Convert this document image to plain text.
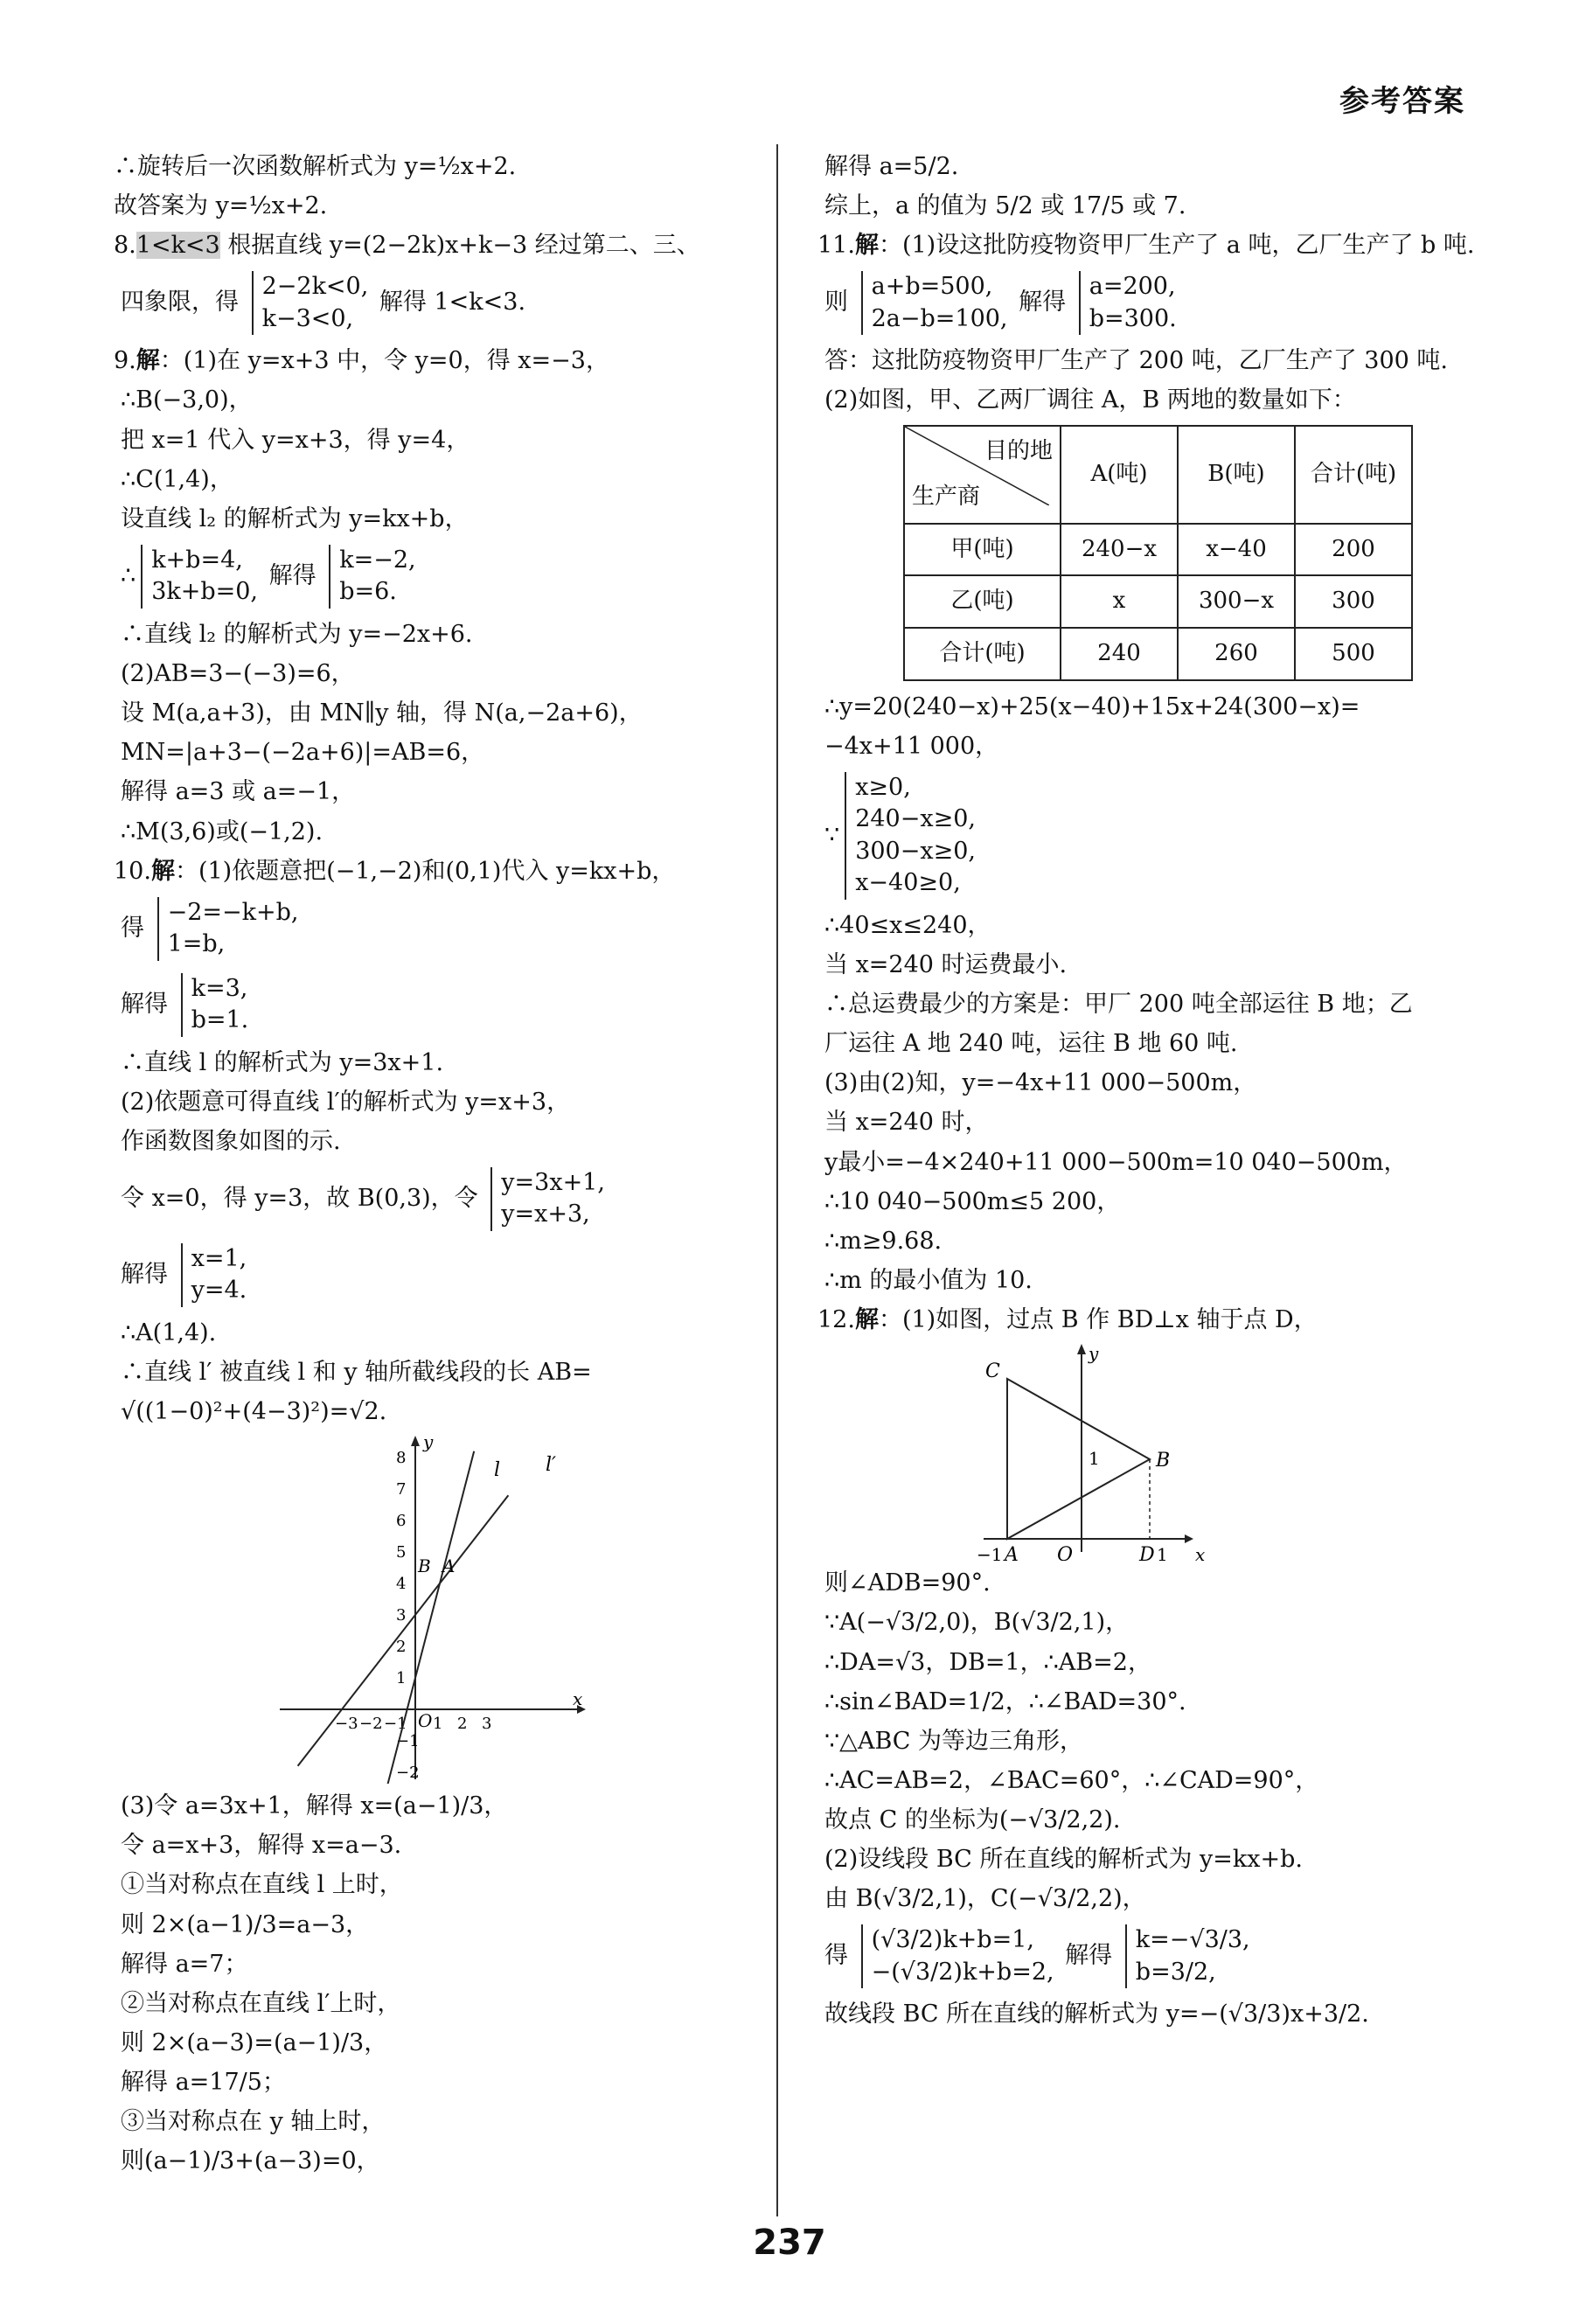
参考答案
∴旋转后一次函数解析式为 y=½x+2.
故答案为 y=½x+2.
8.1<k<3 根据直线 y=(2−2k)x+k−3 经过第二、三、
四象限，得
2−2k<0,
k−3<0,
解得 1<k<3.
9.解：(1)在 y=x+3 中，令 y=0，得 x=−3，
∴B(−3,0)，
把 x=1 代入 y=x+3，得 y=4，
∴C(1,4)，
设直线 l₂ 的解析式为 y=kx+b，
∴
k+b=4,
3k+b=0,
解得
k=−2,
b=6.
∴直线 l₂ 的解析式为 y=−2x+6.
(2)AB=3−(−3)=6，
设 M(a,a+3)，由 MN∥y 轴，得 N(a,−2a+6)，
MN=|a+3−(−2a+6)|=AB=6，
解得 a=3 或 a=−1，
∴M(3,6)或(−1,2).
10.解：(1)依题意把(−1,−2)和(0,1)代入 y=kx+b，
得
−2=−k+b,
1=b,
解得
k=3,
b=1.
∴直线 l 的解析式为 y=3x+1.
(2)依题意可得直线 l′的解析式为 y=x+3，
作函数图象如图的示.
令 x=0，得 y=3，故 B(0,3)，令
y=3x+1,
y=x+3,
解得
x=1,
y=4.
∴A(1,4).
∴直线 l′ 被直线 l 和 y 轴所截线段的长 AB=
√((1−0)²+(4−3)²)=√2.
−3 −2 −1 1 2 3
8
7
6
5
4
3
2
1
−1
−2
x
y
O
l l′
A
B
(3)令 a=3x+1，解得 x=(a−1)/3，
令 a=x+3，解得 x=a−3.
①当对称点在直线 l 上时，
则 2×(a−1)/3=a−3，
解得 a=7；
②当对称点在直线 l′上时，
则 2×(a−3)=(a−1)/3，
解得 a=17/5；
③当对称点在 y 轴上时，
则(a−1)/3+(a−3)=0，
解得 a=5/2.
综上，a 的值为 5/2 或 17/5 或 7.
11.解：(1)设这批防疫物资甲厂生产了 a 吨，乙厂生产了 b 吨.
则
a+b=500,
2a−b=100,
解得
a=200,
b=300.
答：这批防疫物资甲厂生产了 200 吨，乙厂生产了 300 吨.
(2)如图，甲、乙两厂调往 A，B 两地的数量如下：
目的地
生产商	A(吨)	B(吨)	合计(吨)
甲(吨)	240−x	x−40	200
乙(吨)	x	300−x	300
合计(吨)	240	260	500
∴y=20(240−x)+25(x−40)+15x+24(300−x)=
−4x+11 000，
∵
x≥0,
240−x≥0,
300−x≥0,
x−40≥0,
∴40≤x≤240，
当 x=240 时运费最小.
∴总运费最少的方案是：甲厂 200 吨全部运往 B 地；乙
厂运往 A 地 240 吨，运往 B 地 60 吨.
(3)由(2)知，y=−4x+11 000−500m，
当 x=240 时，
y最小=−4×240+11 000−500m=10 040−500m，
∴10 040−500m≤5 200，
∴m≥9.68.
∴m 的最小值为 10.
12.解：(1)如图，过点 B 作 BD⊥x 轴于点 D，
C
B
−1 A O	D 1
1
x
y
则∠ADB=90°.
∵A(−√3/2,0)，B(√3/2,1)，
∴DA=√3，DB=1，∴AB=2，
∴sin∠BAD=1/2，∴∠BAD=30°.
∵△ABC 为等边三角形，
∴AC=AB=2，∠BAC=60°，∴∠CAD=90°，
故点 C 的坐标为(−√3/2,2).
(2)设线段 BC 所在直线的解析式为 y=kx+b.
由 B(√3/2,1)，C(−√3/2,2)，
得
(√3/2)k+b=1,
−(√3/2)k+b=2,
解得
k=−√3/3,
b=3/2,
故线段 BC 所在直线的解析式为 y=−(√3/3)x+3/2.
237
